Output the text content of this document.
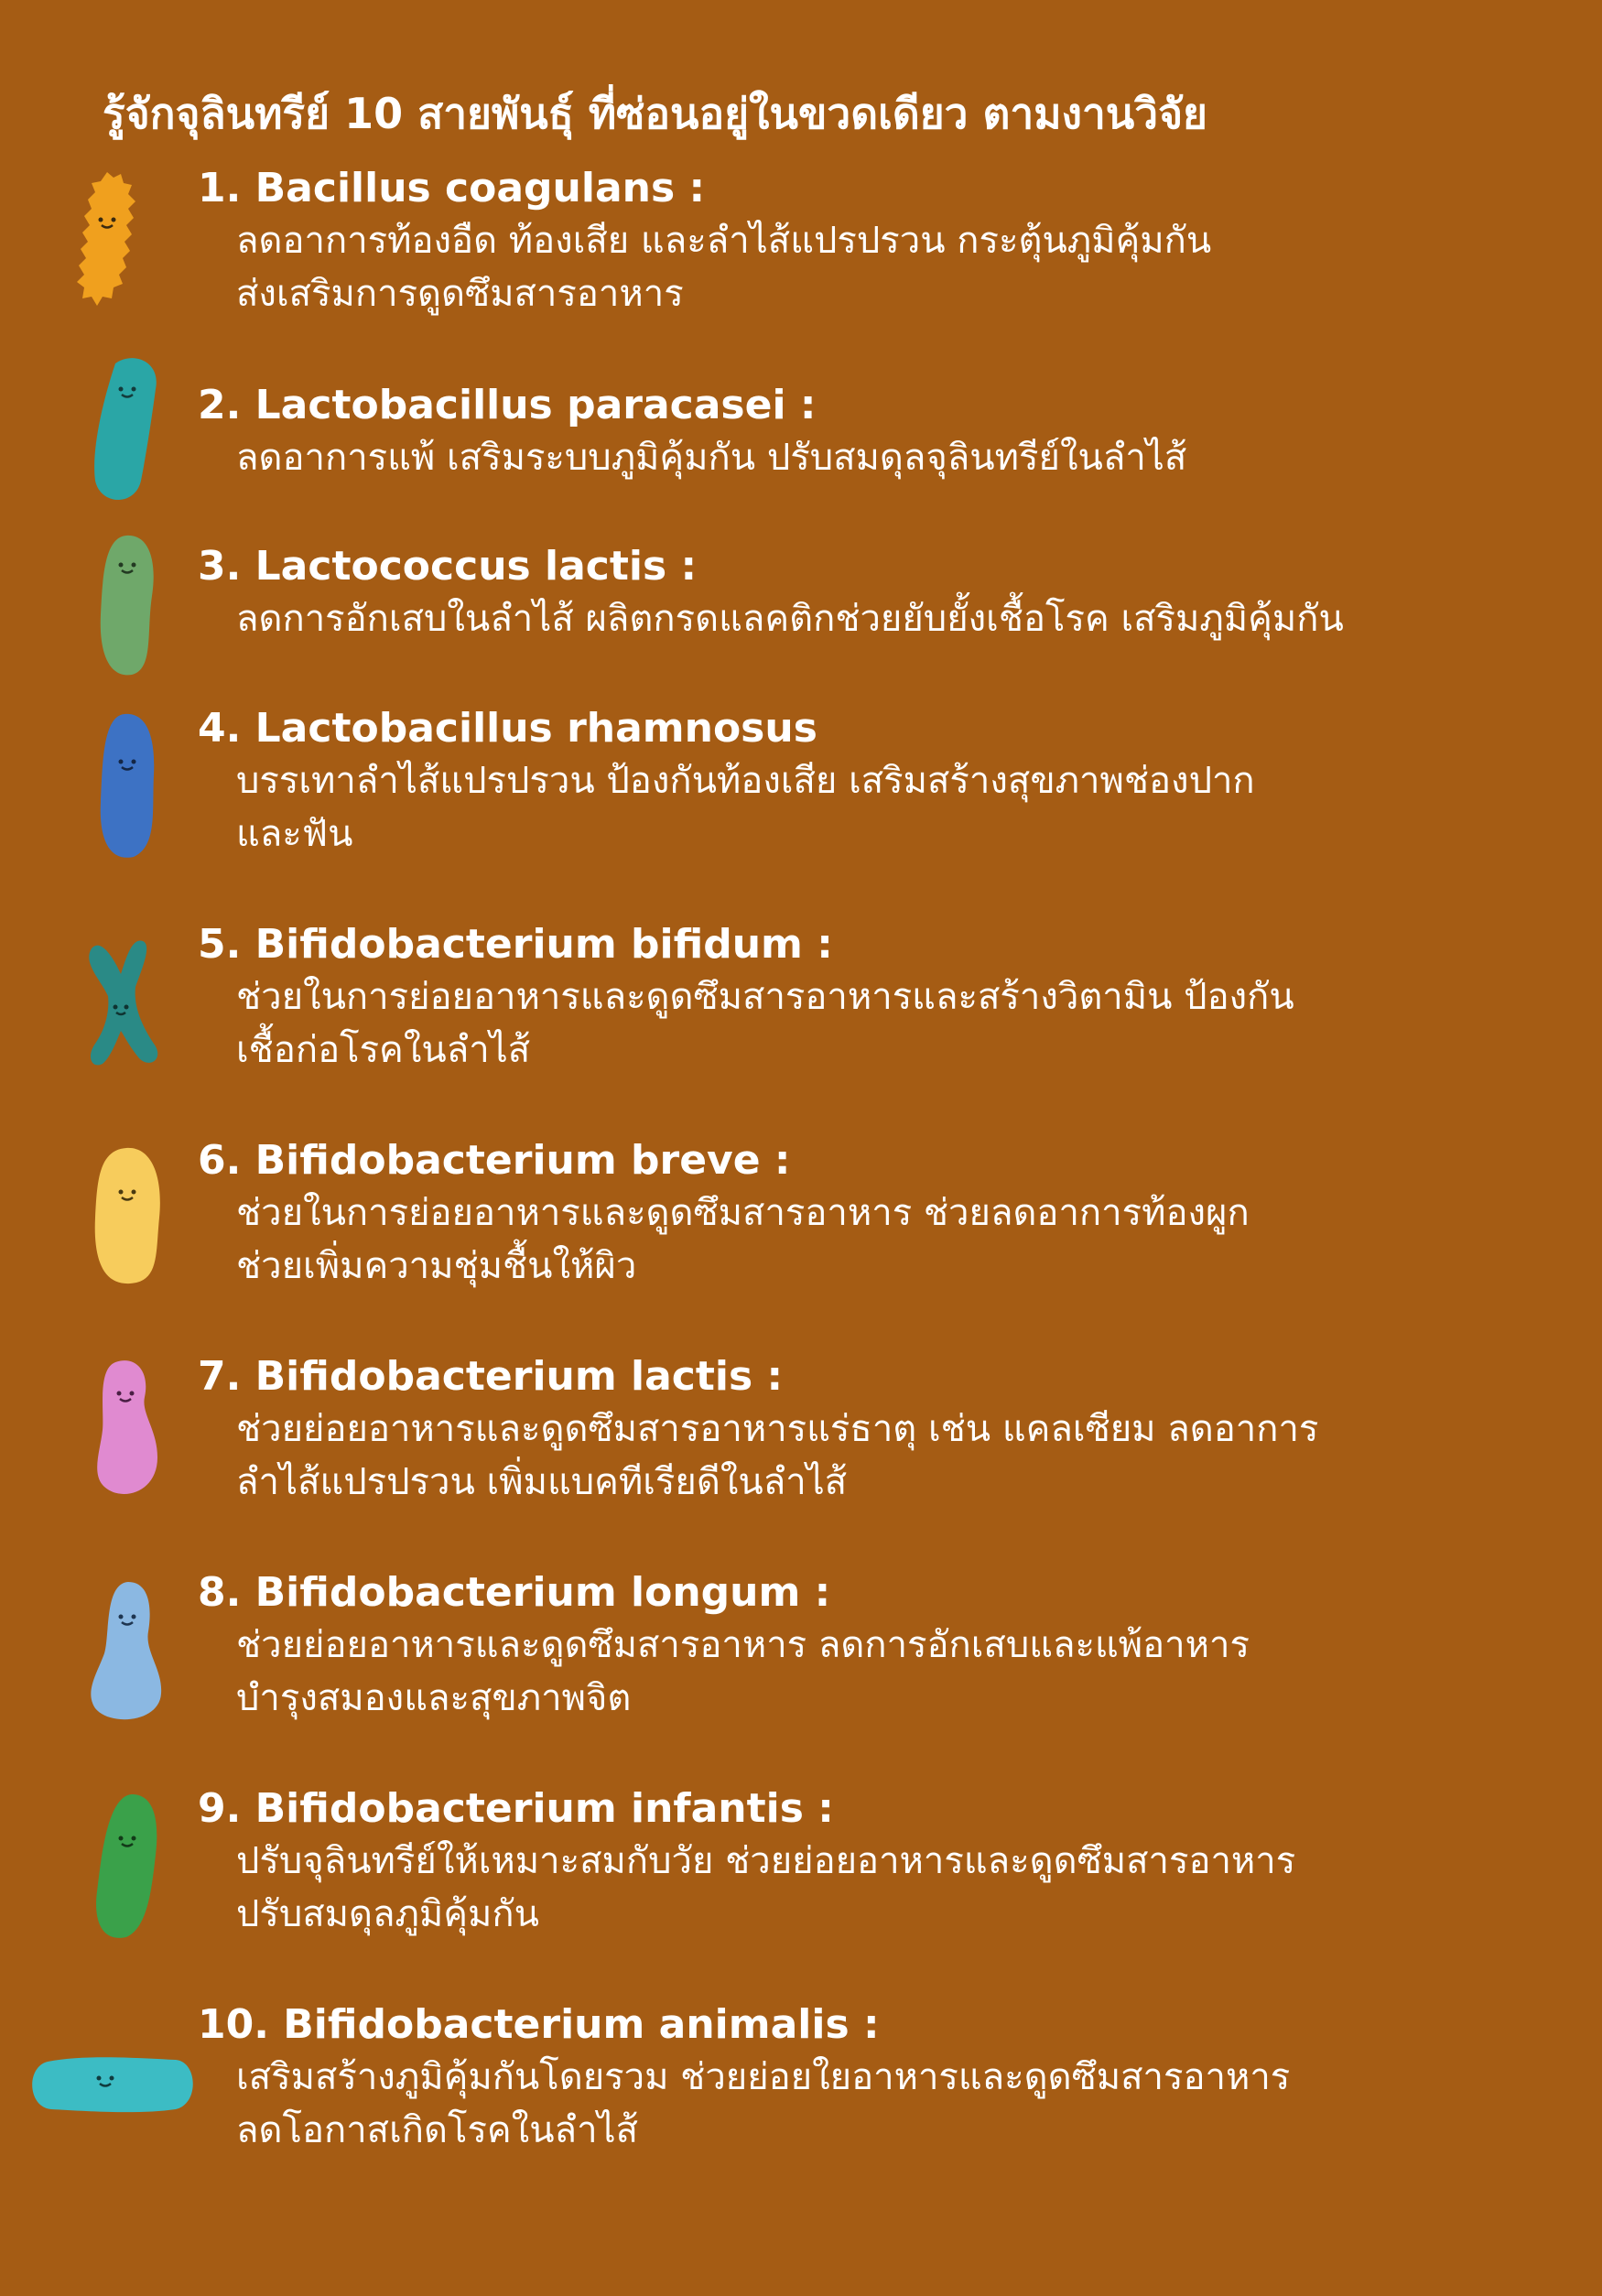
รู้จักจุลินทรีย์ 10 สายพันธุ์ ที่ซ่อนอยู่ในขวดเดียว ตามงานวิจัย
1. Bacillus coagulans :
ลดอาการท้องอืด ท้องเสีย และลำไส้แปรปรวน กระตุ้นภูมิคุ้มกัน
ส่งเสริมการดูดซึมสารอาหาร
2. Lactobacillus paracasei :
ลดอาการแพ้ เสริมระบบภูมิคุ้มกัน ปรับสมดุลจุลินทรีย์ในลำไส้
3. Lactococcus lactis :
ลดการอักเสบในลำไส้ ผลิตกรดแลคติกช่วยยับยั้งเชื้อโรค เสริมภูมิคุ้มกัน
4. Lactobacillus rhamnosus
บรรเทาลำไส้แปรปรวน ป้องกันท้องเสีย เสริมสร้างสุขภาพช่องปาก
และฟัน
5. Bifidobacterium bifidum :
ช่วยในการย่อยอาหารและดูดซึมสารอาหารและสร้างวิตามิน ป้องกัน
เชื้อก่อโรคในลำไส้
6. Bifidobacterium breve :
ช่วยในการย่อยอาหารและดูดซึมสารอาหาร ช่วยลดอาการท้องผูก
ช่วยเพิ่มความชุ่มชื้นให้ผิว
7. Bifidobacterium lactis :
ช่วยย่อยอาหารและดูดซึมสารอาหารแร่ธาตุ เช่น แคลเซียม ลดอาการ
ลำไส้แปรปรวน เพิ่มแบคทีเรียดีในลำไส้
8. Bifidobacterium longum :
ช่วยย่อยอาหารและดูดซึมสารอาหาร ลดการอักเสบและแพ้อาหาร
บำรุงสมองและสุขภาพจิต
9. Bifidobacterium infantis :
ปรับจุลินทรีย์ให้เหมาะสมกับวัย ช่วยย่อยอาหารและดูดซึมสารอาหาร
ปรับสมดุลภูมิคุ้มกัน
10. Bifidobacterium animalis :
เสริมสร้างภูมิคุ้มกันโดยรวม ช่วยย่อยใยอาหารและดูดซึมสารอาหาร
ลดโอกาสเกิดโรคในลำไส้
